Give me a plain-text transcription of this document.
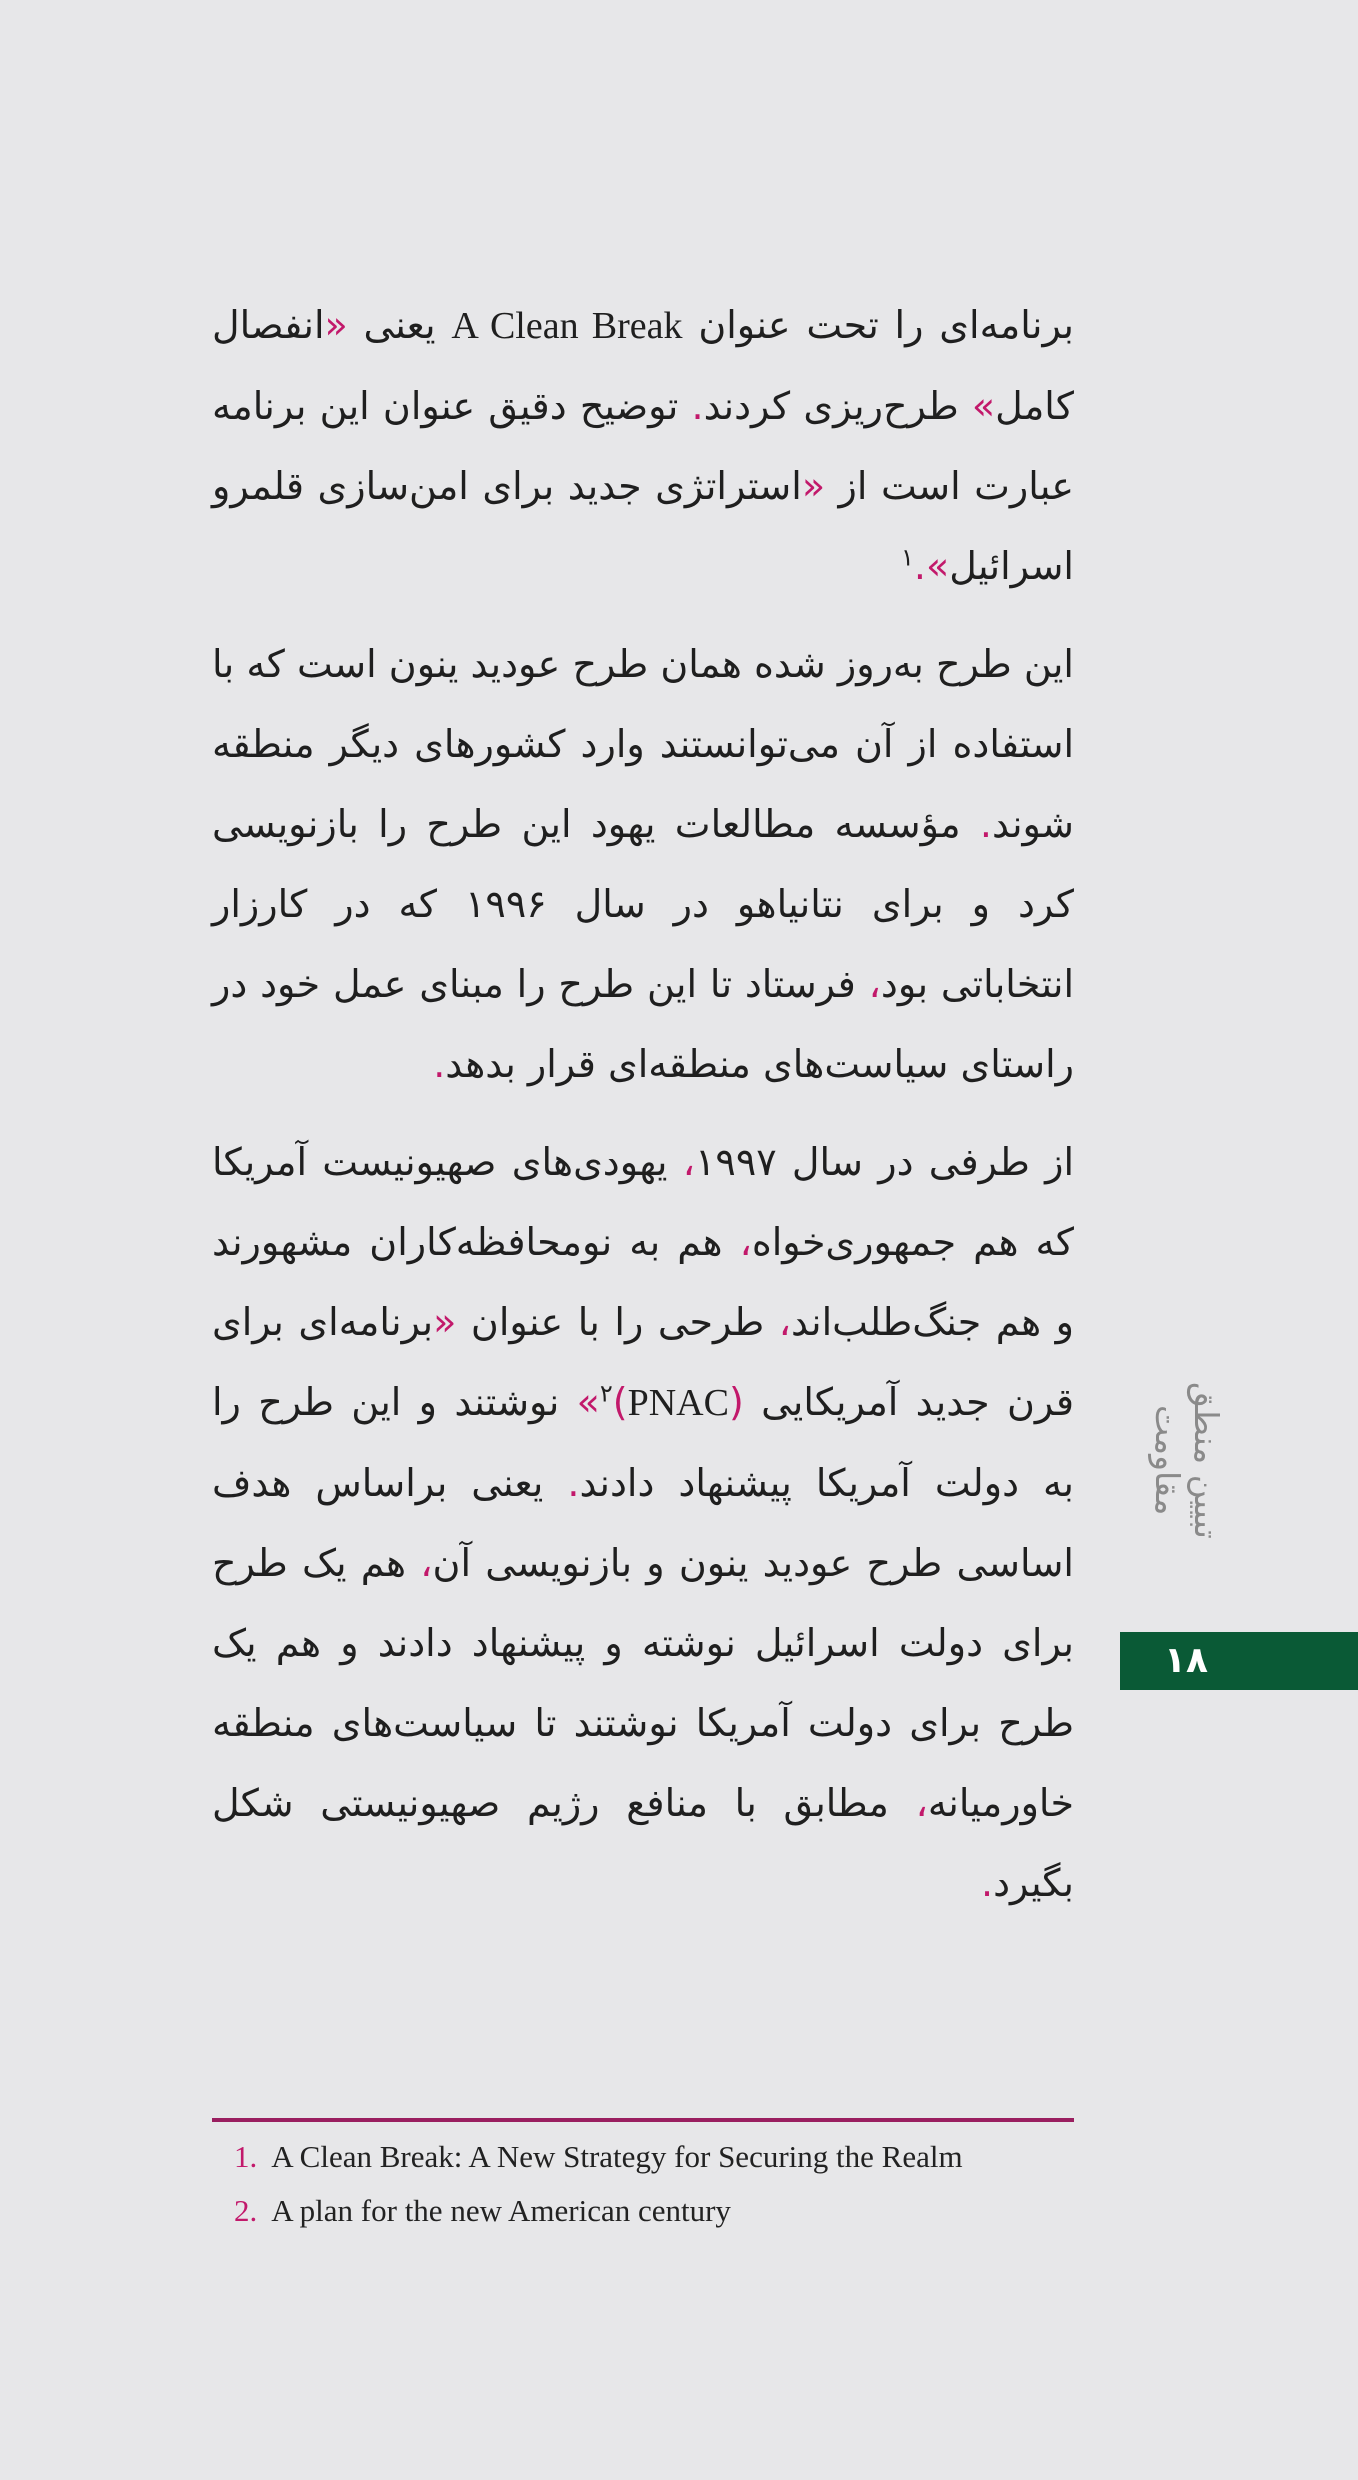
برنامه‌ای را تحت عنوان A Clean Break یعنی «انفصال کامل» طرح‌ریزی کردند. توضیح دقیق عنوان این برنامه عبارت است از «استراتژی جدید برای امن‌سازی قلمرو اسرائیل».$^۱$

این طرح به‌روز شده همان طرح عودید ینون است که با استفاده از آن می‌توانستند وارد کشورهای دیگر منطقه شوند. مؤسسه مطالعات یهود این طرح را بازنویسی کرد و برای نتانیاهو در سال ۱۹۹۶ که در کارزار انتخاباتی بود، فرستاد تا این طرح را مبنای عمل خود در راستای سیاست‌های منطقه‌ای قرار بدهد.

از طرفی در سال ۱۹۹۷، یهودی‌های صهیونیست آمریکا که هم جمهوری‌خواه، هم به نومحافظه‌کاران مشهورند و هم جنگ‌طلب‌اند، طرحی را با عنوان «برنامه‌ای برای قرن جدید آمریکایی (PNAC)$^۲$» نوشتند و این طرح را به دولت آمریکا پیشنهاد دادند. یعنی براساس هدف اساسی طرح عودید ینون و بازنویسی آن، هم یک طرح برای دولت اسرائیل نوشته و پیشنهاد دادند و هم یک طرح برای دولت آمریکا نوشتند تا سیاست‌های منطقه خاورمیانه، مطابق با منافع رژیم صهیونیستی شکل بگیرد.

تبیین منطق مقاومت
۱۸
1. A Clean Break: A New Strategy for Securing the Realm
2. A plan for the new American century
